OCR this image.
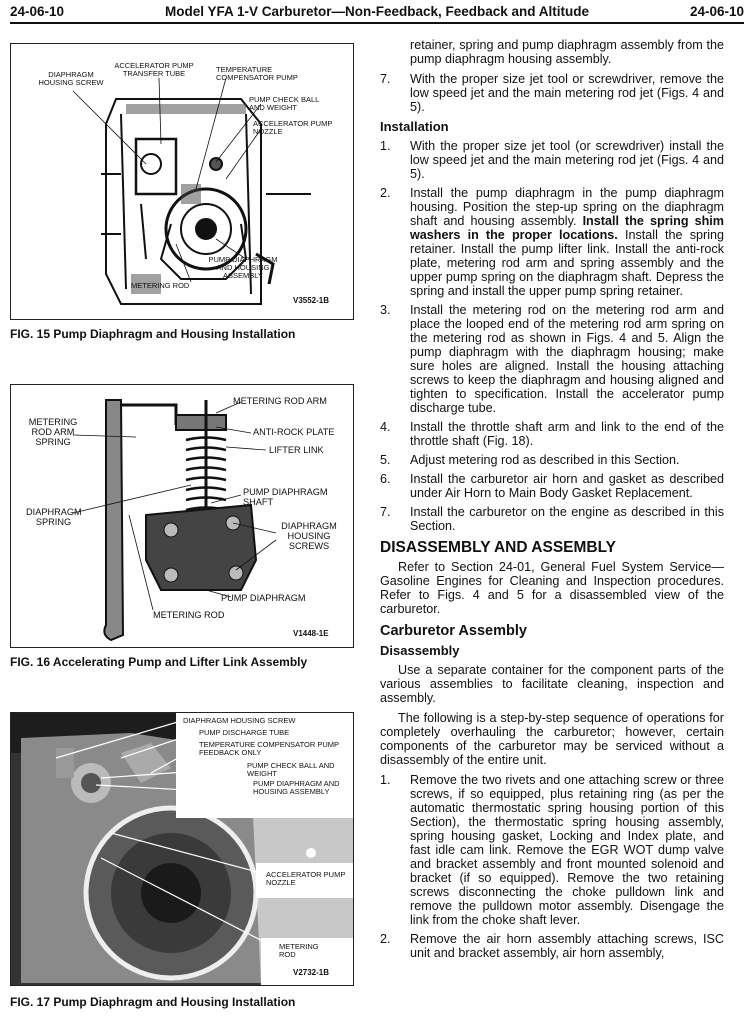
24-06-10	Model YFA 1-V Carburetor—Non-Feedback, Feedback and Altitude	24-06-10
DIAPHRAGM HOUSING SCREW
ACCELERATOR PUMP TRANSFER TUBE	TEMPERATURE COMPENSATOR PUMP
PUMP CHECK BALL AND WEIGHT
ACCELERATOR PUMP NOZZLE
PUMP DIAPHRAGM AND HOUSING ASSEMBLY
METERING ROD
V3552-1B
FIG. 15 Pump Diaphragm and Housing Installation
METERING ROD ARM
METERING ROD ARM SPRING
ANTI-ROCK PLATE
LIFTER LINK
PUMP DIAPHRAGM SHAFT
DIAPHRAGM SPRING	DIAPHRAGM HOUSING SCREWS
PUMP DIAPHRAGM
METERING ROD
V1448-1E
FIG. 16 Accelerating Pump and Lifter Link Assembly
DIAPHRAGM HOUSING SCREW
PUMP DISCHARGE TUBE
TEMPERATURE COMPENSATOR PUMP FEEDBACK ONLY
PUMP CHECK BALL AND WEIGHT
PUMP DIAPHRAGM AND HOUSING ASSEMBLY
ACCELERATOR PUMP NOZZLE
METERING ROD
V2732-1B
FIG. 17 Pump Diaphragm and Housing Installation

retainer, spring and pump diaphragm assembly from the pump diaphragm housing assembly.

7.	With the proper size jet tool or screwdriver, remove the low speed jet and the main metering rod jet (Figs. 4 and 5).
Installation
1.	With the proper size jet tool (or screwdriver) install the low speed jet and the main metering rod jet (Figs. 4 and 5).
2.	Install the pump diaphragm in the pump diaphragm housing. Position the step-up spring on the diaphragm shaft and housing assembly. Install the spring shim washers in the proper locations. Install the spring retainer. Install the pump lifter link. Install the anti-rock plate, metering rod arm and spring assembly and the upper pump spring on the diaphragm shaft. Depress the spring and install the upper pump spring retainer.
3.	Install the metering rod on the metering rod arm and place the looped end of the metering rod arm spring on the metering rod as shown in Figs. 4 and 5. Align the pump diaphragm with the diaphragm housing; make sure holes are aligned. Install the housing attaching screws to keep the diaphragm and housing aligned and tighten to specification. Install the accelerator pump discharge tube.
4.	Install the throttle shaft arm and link to the end of the throttle shaft (Fig. 18).
5.	Adjust metering rod as described in this Section.
6.	Install the carburetor air horn and gasket as described under Air Horn to Main Body Gasket Replacement.
7.	Install the carburetor on the engine as described in this Section.
DISASSEMBLY AND ASSEMBLY

Refer to Section 24-01, General Fuel System Service—Gasoline Engines for Cleaning and Inspection procedures. Refer to Figs. 4 and 5 for a disassembled view of the carburetor.

Carburetor Assembly
Disassembly

Use a separate container for the component parts of the various assemblies to facilitate cleaning, inspection and assembly.

The following is a step-by-step sequence of operations for completely overhauling the carburetor; however, certain components of the carburetor may be serviced without a disassembly of the entire unit.

1.	Remove the two rivets and one attaching screw or three screws, if so equipped, plus retaining ring (as per the automatic thermostatic spring housing portion of this Section), the thermostatic spring housing assembly, spring housing gasket, Locking and Index plate, and fast idle cam link. Remove the EGR WOT dump valve and bracket assembly and front mounted solenoid and bracket (if so equipped). Remove the two retaining screws disconnecting the choke pulldown link and remove the pulldown motor assembly. Disengage the link from the choke shaft lever.
2.	Remove the air horn assembly attaching screws, ISC unit and bracket assembly, air horn assembly,
